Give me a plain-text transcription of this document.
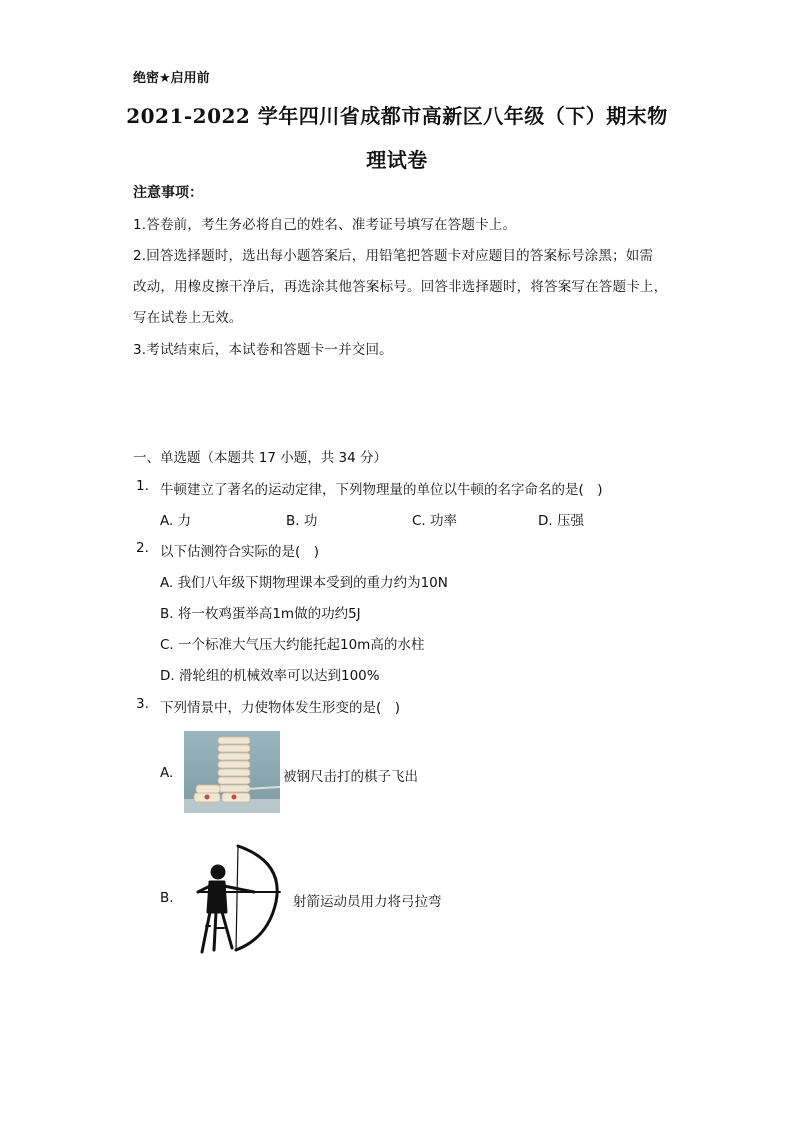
绝密★启用前
2021-2022 学年四川省成都市高新区八年级（下）期末物
理试卷
注意事项：
1.答卷前，考生务必将自己的姓名、准考证号填写在答题卡上。
2.回答选择题时，选出每小题答案后，用铅笔把答题卡对应题目的答案标号涂黑；如需
改动，用橡皮擦干净后，再选涂其他答案标号。回答非选择题时，将答案写在答题卡上，
写在试卷上无效。
3.考试结束后，本试卷和答题卡一并交回。
一、单选题（本题共 17 小题，共 34 分）
1. 牛顿建立了著名的运动定律，下列物理量的单位以牛顿的名字命名的是(　)
A. 力	B. 功	C. 功率	D. 压强
2. 以下估测符合实际的是(　)
A. 我们八年级下期物理课本受到的重力约为10N
B. 将一枚鸡蛋举高1m做的功约5J
C. 一个标准大气压大约能托起10m高的水柱
D. 滑轮组的机械效率可以达到100%
3. 下列情景中，力使物体发生形变的是(　)
A.	被钢尺击打的棋子飞出
B.	射箭运动员用力将弓拉弯
